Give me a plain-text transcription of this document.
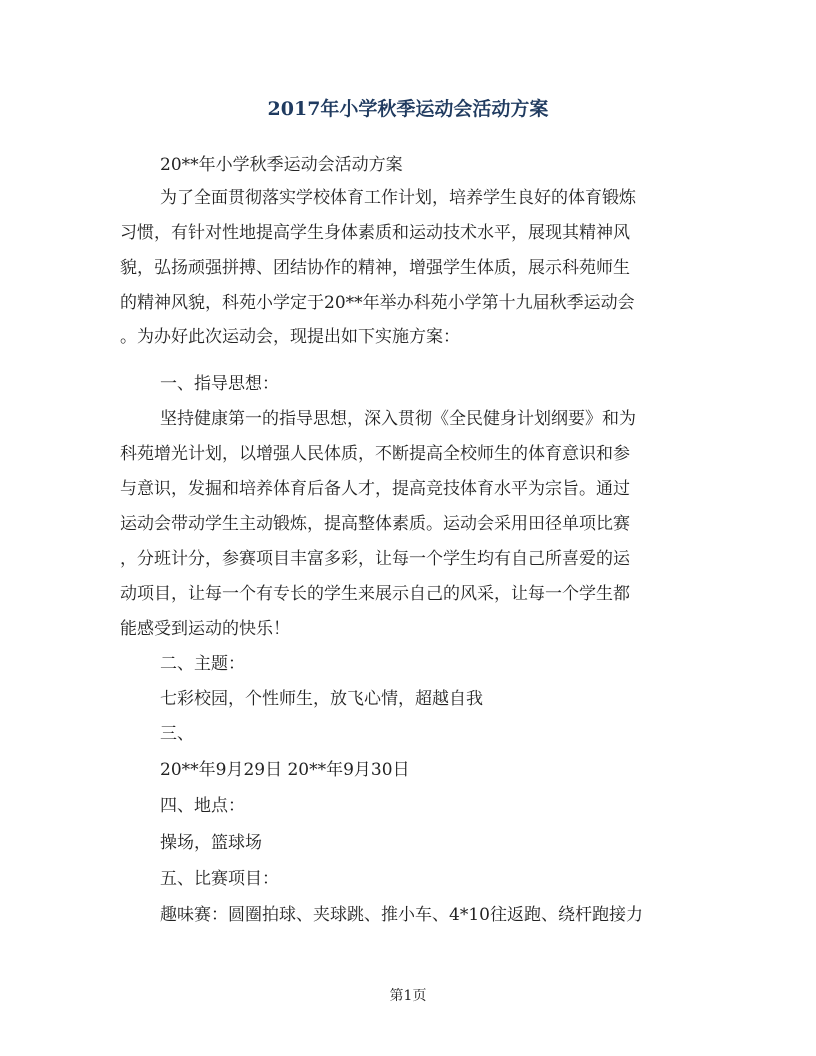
2017年小学秋季运动会活动方案

20**年小学秋季运动会活动方案

为了全面贯彻落实学校体育工作计划，培养学生良好的体育锻炼

习惯，有针对性地提高学生身体素质和运动技术水平，展现其精神风

貌，弘扬顽强拼搏、团结协作的精神，增强学生体质，展示科苑师生

的精神风貌，科苑小学定于20**年举办科苑小学第十九届秋季运动会

。为办好此次运动会，现提出如下实施方案：

一、指导思想：

坚持健康第一的指导思想，深入贯彻《全民健身计划纲要》和为

科苑增光计划，以增强人民体质，不断提高全校师生的体育意识和参

与意识，发掘和培养体育后备人才，提高竞技体育水平为宗旨。通过

运动会带动学生主动锻炼，提高整体素质。运动会采用田径单项比赛

，分班计分，参赛项目丰富多彩，让每一个学生均有自己所喜爱的运

动项目，让每一个有专长的学生来展示自己的风采，让每一个学生都

能感受到运动的快乐！

二、主题：

七彩校园，个性师生，放飞心情，超越自我

三、

20**年9月29日 20**年9月30日

四、地点：

操场，篮球场

五、比赛项目：

趣味赛：圆圈拍球、夹球跳、推小车、4*10往返跑、绕杆跑接力

第1页
